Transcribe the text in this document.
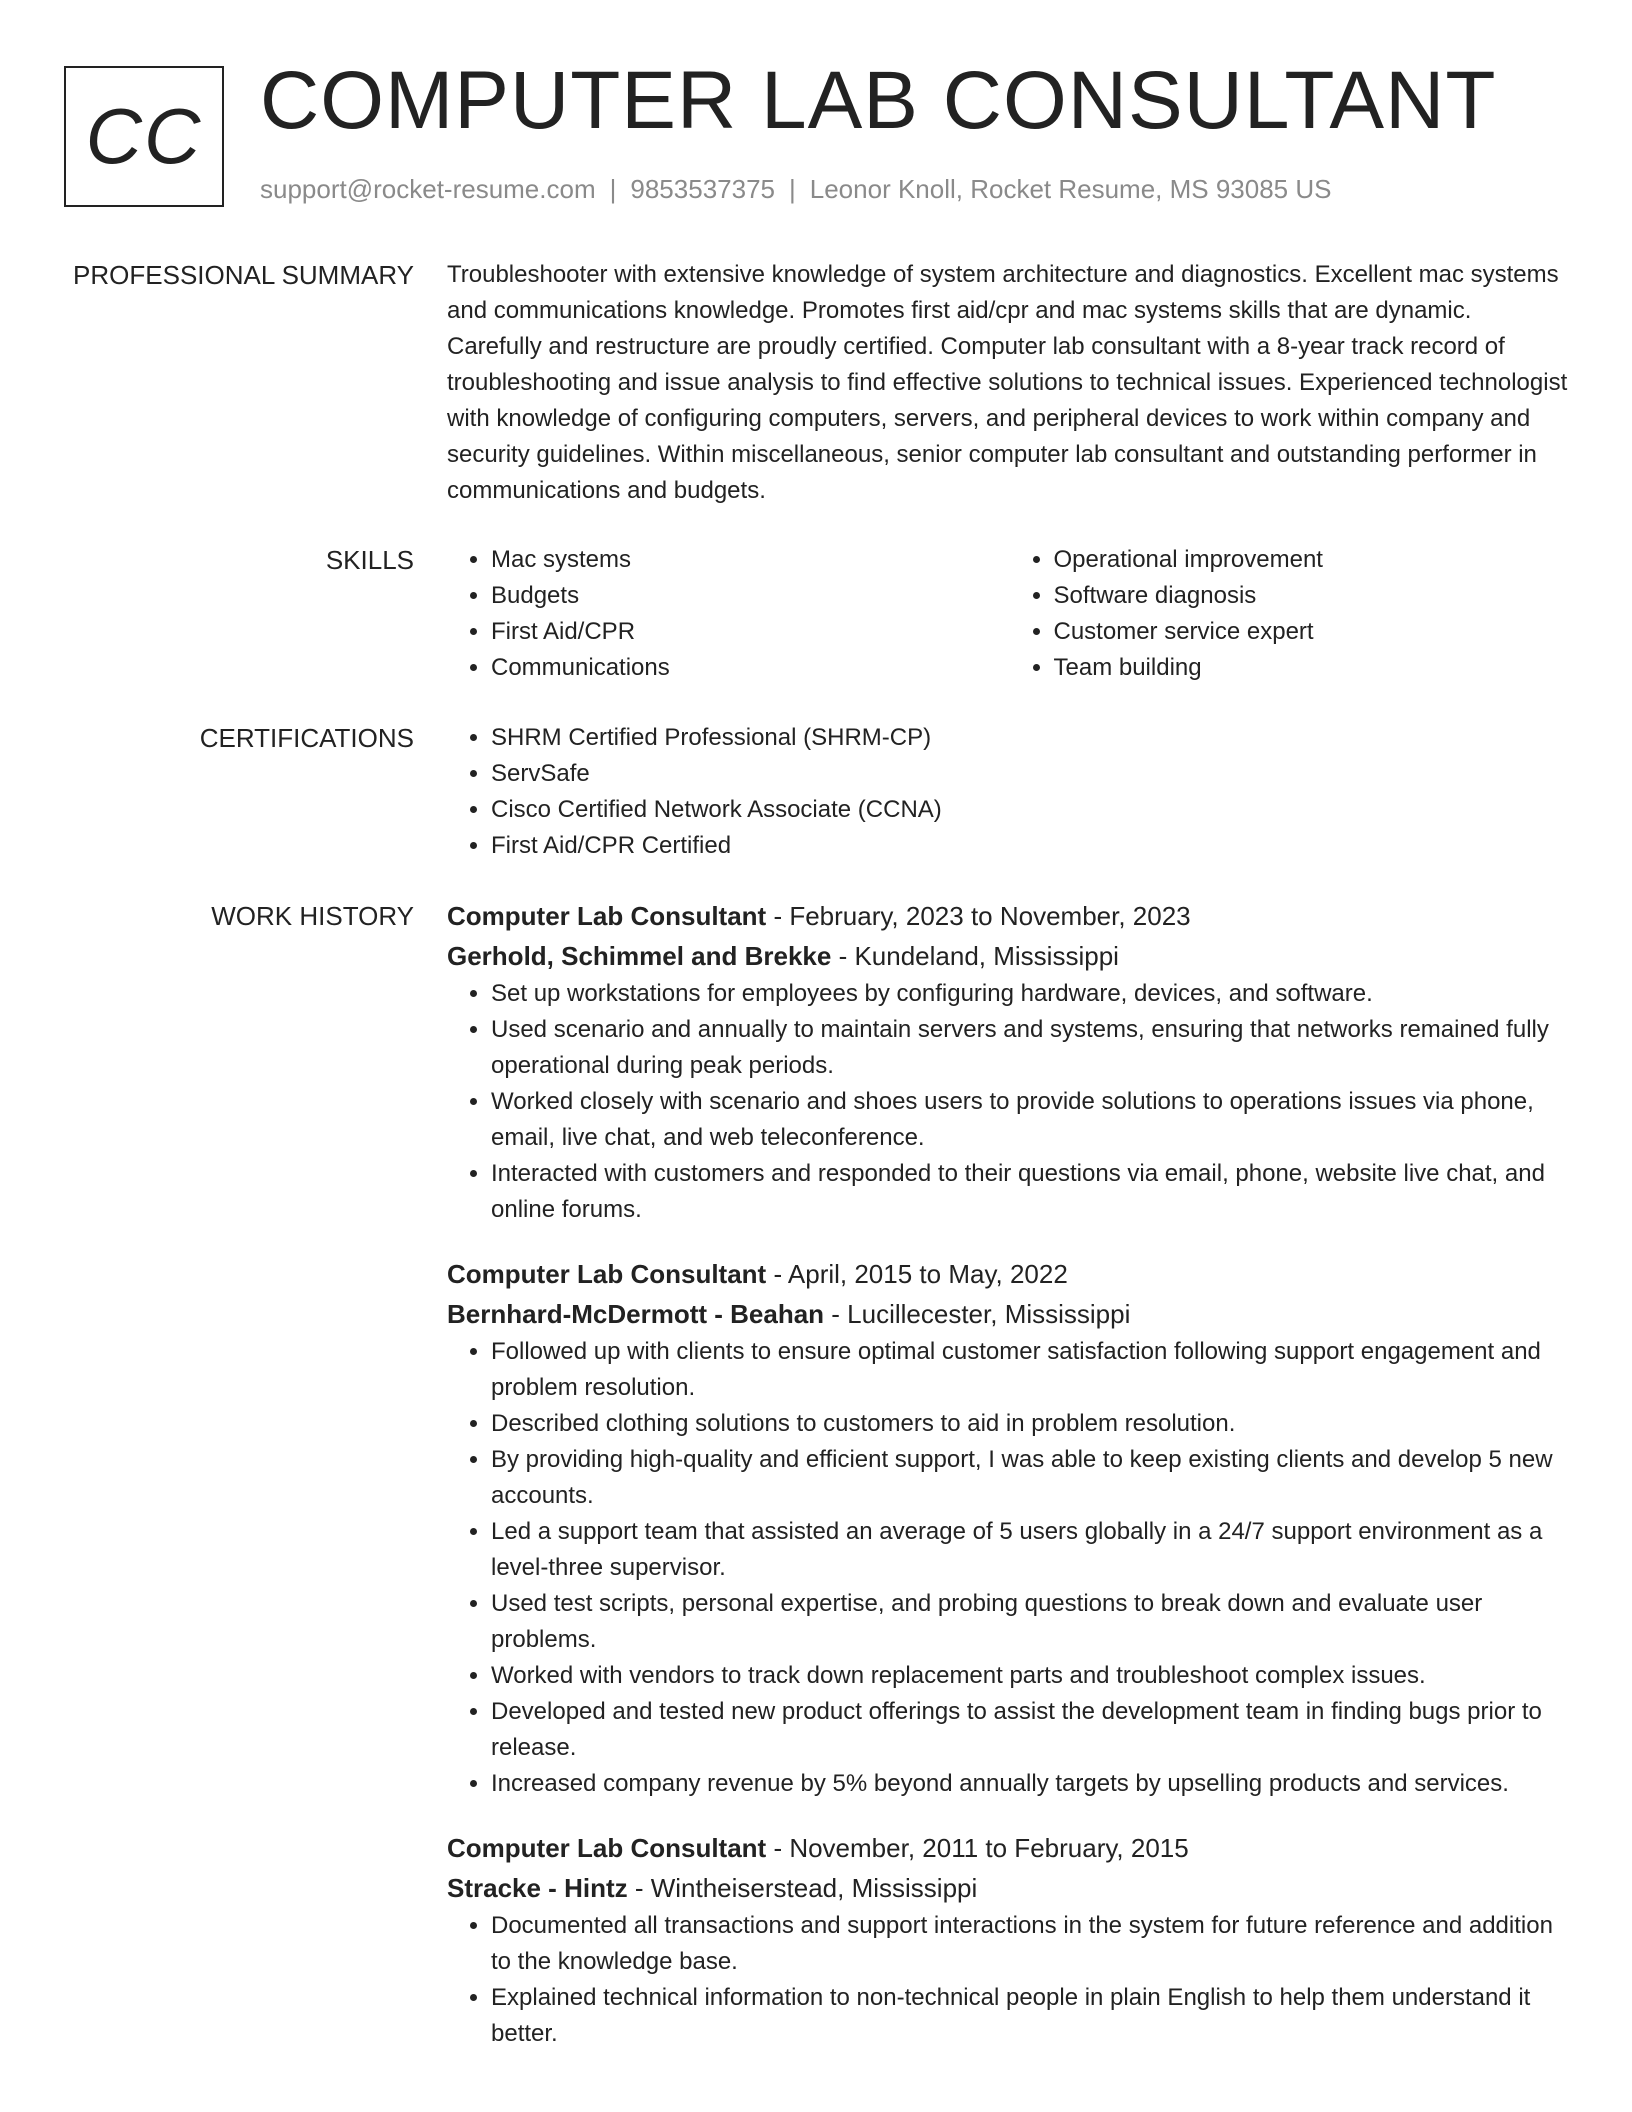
CC COMPUTER LAB CONSULTANT
support@rocket-resume.com | 9853537375 | Leonor Knoll, Rocket Resume, MS 93085 US
PROFESSIONAL SUMMARY Troubleshooter with extensive knowledge of system architecture and diagnostics. Excellent mac systems and communications knowledge. Promotes first aid/cpr and mac systems skills that are dynamic. Carefully and restructure are proudly certified. Computer lab consultant with a 8-year track record of troubleshooting and issue analysis to find effective solutions to technical issues. Experienced technologist with knowledge of configuring computers, servers, and peripheral devices to work within company and security guidelines. Within miscellaneous, senior computer lab consultant and outstanding performer in communications and budgets.
SKILLS	• Mac systems
• Budgets
• First Aid/CPR
• Communications
• Operational improvement
• Software diagnosis
• Customer service expert
• Team building
CERTIFICATIONS	• SHRM Certified Professional (SHRM-CP)
• ServSafe
• Cisco Certified Network Associate (CCNA)
• First Aid/CPR Certified
WORK HISTORY Computer Lab Consultant - February, 2023 to November, 2023
Gerhold, Schimmel and Brekke - Kundeland, Mississippi
• Set up workstations for employees by configuring hardware, devices, and software.
• Used scenario and annually to maintain servers and systems, ensuring that networks remained fully operational during peak periods.
• Worked closely with scenario and shoes users to provide solutions to operations issues via phone, email, live chat, and web teleconference.
• Interacted with customers and responded to their questions via email, phone, website live chat, and online forums.
Computer Lab Consultant - April, 2015 to May, 2022
Bernhard-McDermott - Beahan - Lucillecester, Mississippi
• Followed up with clients to ensure optimal customer satisfaction following support engagement and problem resolution.
• Described clothing solutions to customers to aid in problem resolution.
• By providing high-quality and efficient support, I was able to keep existing clients and develop 5 new accounts.
• Led a support team that assisted an average of 5 users globally in a 24/7 support environment as a level-three supervisor.
• Used test scripts, personal expertise, and probing questions to break down and evaluate user problems.
• Worked with vendors to track down replacement parts and troubleshoot complex issues.
• Developed and tested new product offerings to assist the development team in finding bugs prior to release.
• Increased company revenue by 5% beyond annually targets by upselling products and services.
Computer Lab Consultant - November, 2011 to February, 2015
Stracke - Hintz - Wintheiserstead, Mississippi
• Documented all transactions and support interactions in the system for future reference and addition to the knowledge base.
• Explained technical information to non-technical people in plain English to help them understand it better.
